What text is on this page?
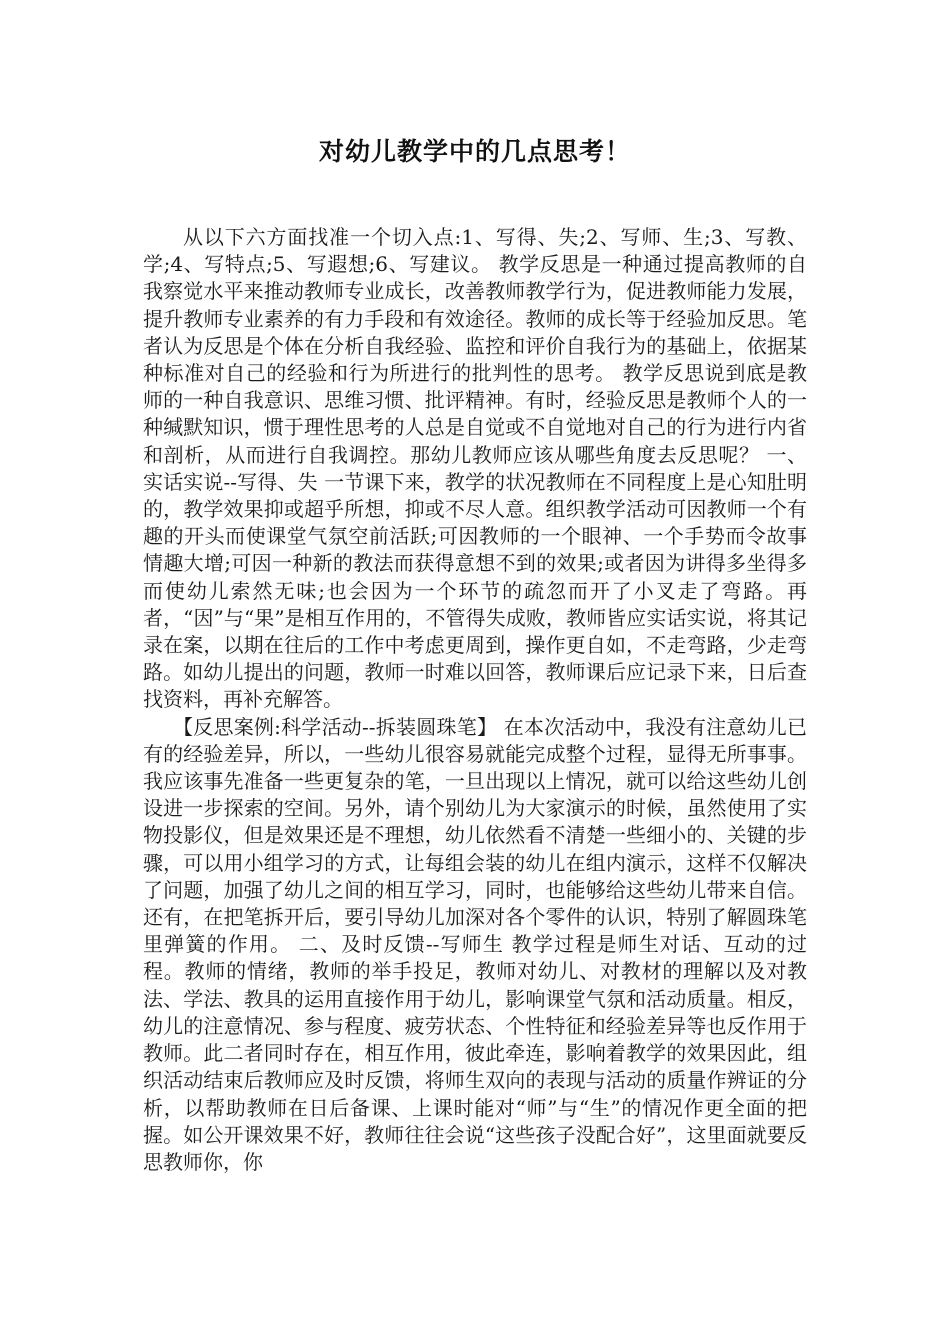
对幼儿教学中的几点思考！

从以下六方面找准一个切入点:1、写得、失;2、写师、生;3、写教、学;4、写特点;5、写遐想;6、写建议。 教学反思是一种通过提高教师的自我察觉水平来推动教师专业成长，改善教师教学行为，促进教师能力发展，提升教师专业素养的有力手段和有效途径。教师的成长等于经验加反思。笔者认为反思是个体在分析自我经验、监控和评价自我行为的基础上，依据某种标准对自己的经验和行为所进行的批判性的思考。 教学反思说到底是教师的一种自我意识、思维习惯、批评精神。有时，经验反思是教师个人的一种缄默知识，惯于理性思考的人总是自觉或不自觉地对自己的行为进行内省和剖析，从而进行自我调控。那幼儿教师应该从哪些角度去反思呢？ 一、 实话实说--写得、失 一节课下来，教学的状况教师在不同程度上是心知肚明的，教学效果抑或超乎所想，抑或不尽人意。组织教学活动可因教师一个有趣的开头而使课堂气氛空前活跃;可因教师的一个眼神、一个手势而令故事情趣大增;可因一种新的教法而获得意想不到的效果;或者因为讲得多坐得多而使幼儿索然无味;也会因为一个环节的疏忽而开了小叉走了弯路。再者，“因”与“果”是相互作用的，不管得失成败，教师皆应实话实说，将其记录在案，以期在往后的工作中考虑更周到，操作更自如，不走弯路，少走弯路。如幼儿提出的问题，教师一时难以回答，教师课后应记录下来，日后查找资料，再补充解答。

【反思案例:科学活动--拆装圆珠笔】 在本次活动中，我没有注意幼儿已有的经验差异，所以，一些幼儿很容易就能完成整个过程，显得无所事事。我应该事先准备一些更复杂的笔，一旦出现以上情况，就可以给这些幼儿创设进一步探索的空间。另外，请个别幼儿为大家演示的时候，虽然使用了实物投影仪，但是效果还是不理想，幼儿依然看不清楚一些细小的、关键的步骤，可以用小组学习的方式，让每组会装的幼儿在组内演示，这样不仅解决了问题，加强了幼儿之间的相互学习，同时，也能够给这些幼儿带来自信。还有，在把笔拆开后，要引导幼儿加深对各个零件的认识，特别了解圆珠笔里弹簧的作用。 二、及时反馈--写师生 教学过程是师生对话、互动的过程。教师的情绪，教师的举手投足，教师对幼儿、对教材的理解以及对教法、学法、教具的运用直接作用于幼儿，影响课堂气氛和活动质量。相反，幼儿的注意情况、参与程度、疲劳状态、个性特征和经验差异等也反作用于教师。此二者同时存在，相互作用，彼此牵连，影响着教学的效果因此，组织活动结束后教师应及时反馈，将师生双向的表现与活动的质量作辨证的分析，以帮助教师在日后备课、上课时能对“师”与“生”的情况作更全面的把握。如公开课效果不好，教师往往会说“这些孩子没配合好”，这里面就要反思教师你，你
